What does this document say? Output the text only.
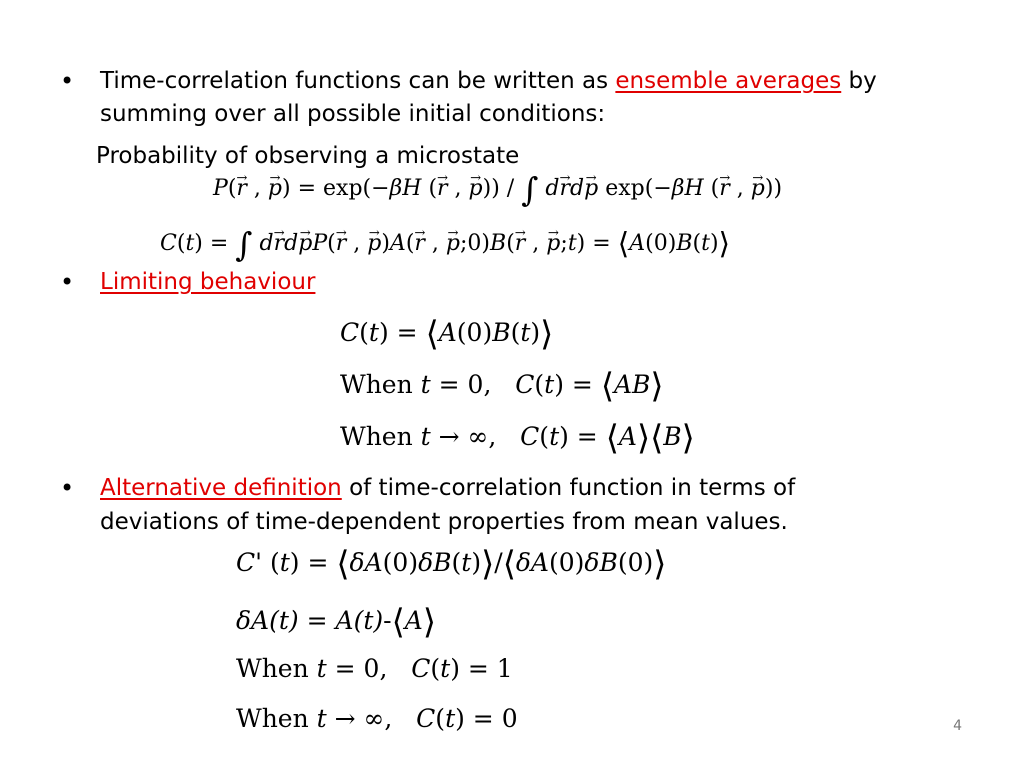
• Time-correlation functions can be written as ensemble averages by
summing over all possible initial conditions:
Probability of observing a microstate
P(→ r , → p) = exp(−βH (→ r , → p)) / ∫ d→ rd→ p exp(−βH (→ r , → p))
C(t) = ∫ d→ rd→ pP(→ r , → p)A(→ r , → p;0)B(→ r , → p;t) = ⟨A(0)B(t)⟩
• Limiting behaviour
C(t) = ⟨A(0)B(t)⟩
When t = 0,   C(t) = ⟨AB⟩
When t → ∞,   C(t) = ⟨A⟩⟨B⟩
• Alternative definition of time-correlation function in terms of
deviations of time-dependent properties from mean values.
C' (t) = ⟨δA(0)δB(t)⟩/⟨δA(0)δB(0)⟩
δA(t) = A(t)-⟨A⟩
When t = 0,   C(t) = 1
When t → ∞,   C(t) = 0	4
